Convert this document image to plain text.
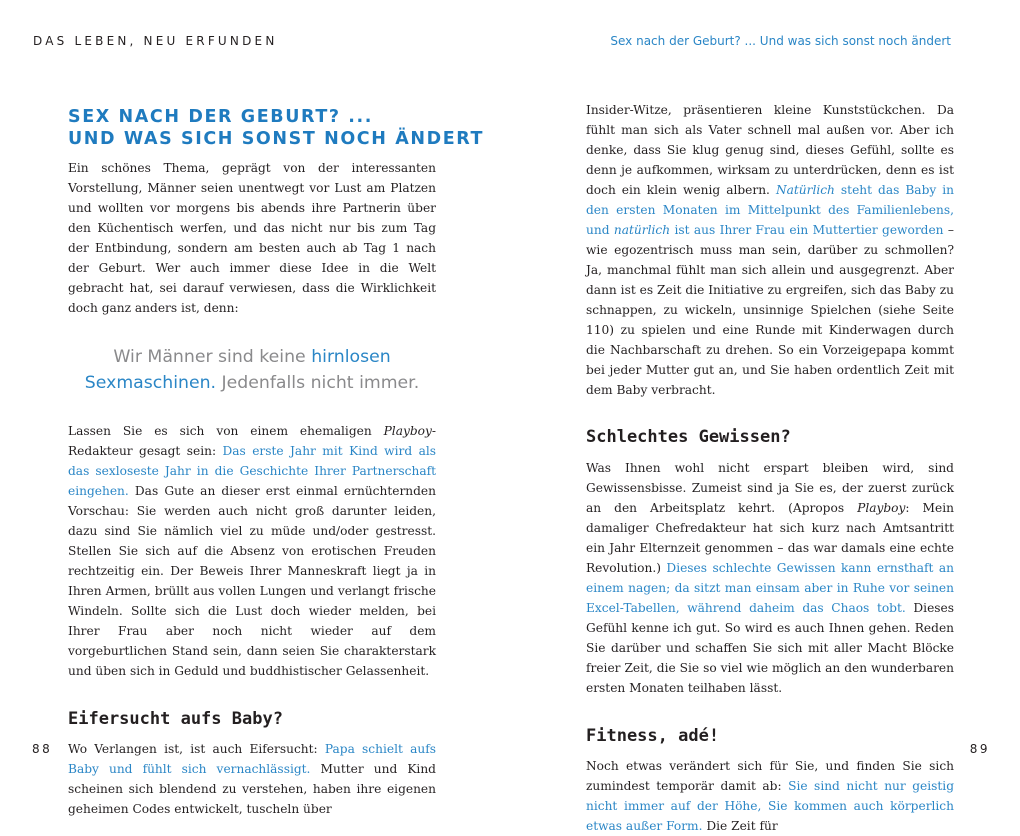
DAS LEBEN, NEU ERFUNDEN	Sex nach der Geburt? ... Und was sich sonst noch ändert
SEX NACH DER GEBURT? ...
UND WAS SICH SONST NOCH ÄNDERT

Ein schönes Thema, geprägt von der interessanten Vorstellung, Männer seien unentwegt vor Lust am Platzen und wollten vor morgens bis abends ihre Partnerin über den Küchentisch werfen, und das nicht nur bis zum Tag der Entbindung, sondern am besten auch ab Tag 1 nach der Geburt. Wer auch immer diese Idee in die Welt gebracht hat, sei darauf verwiesen, dass die Wirklichkeit doch ganz anders ist, denn:

Wir Männer sind keine hirnlosen Sexmaschinen. Jedenfalls nicht immer.

Lassen Sie es sich von einem ehemaligen Playboy-Redakteur gesagt sein: Das erste Jahr mit Kind wird als das sexloseste Jahr in die Geschichte Ihrer Partnerschaft eingehen. Das Gute an dieser erst einmal ernüchternden Vorschau: Sie werden auch nicht groß darunter leiden, dazu sind Sie nämlich viel zu müde und/oder gestresst. Stellen Sie sich auf die Absenz von erotischen Freuden rechtzeitig ein. Der Beweis Ihrer Manneskraft liegt ja in Ihren Armen, brüllt aus vollen Lungen und verlangt frische Windeln. Sollte sich die Lust doch wieder melden, bei Ihrer Frau aber noch nicht wieder auf dem vorgeburtlichen Stand sein, dann seien Sie charakterstark und üben sich in Geduld und buddhistischer Gelassenheit.

Eifersucht aufs Baby?

Wo Verlangen ist, ist auch Eifersucht: Papa schielt aufs Baby und fühlt sich vernachlässigt. Mutter und Kind scheinen sich blendend zu verstehen, haben ihre eigenen geheimen Codes entwickelt, tuscheln über

88

Insider-Witze, präsentieren kleine Kunststückchen. Da fühlt man sich als Vater schnell mal außen vor. Aber ich denke, dass Sie klug genug sind, dieses Gefühl, sollte es denn je aufkommen, wirksam zu unterdrücken, denn es ist doch ein klein wenig albern. Natürlich steht das Baby in den ersten Monaten im Mittelpunkt des Familienlebens, und natürlich ist aus Ihrer Frau ein Muttertier geworden – wie egozentrisch muss man sein, darüber zu schmollen? Ja, manchmal fühlt man sich allein und ausgegrenzt. Aber dann ist es Zeit die Initiative zu ergreifen, sich das Baby zu schnappen, zu wickeln, unsinnige Spielchen (siehe Seite 110) zu spielen und eine Runde mit Kinderwagen durch die Nachbarschaft zu drehen. So ein Vorzeigepapa kommt bei jeder Mutter gut an, und Sie haben ordentlich Zeit mit dem Baby verbracht.

Schlechtes Gewissen?

Was Ihnen wohl nicht erspart bleiben wird, sind Gewissensbisse. Zumeist sind ja Sie es, der zuerst zurück an den Arbeitsplatz kehrt. (Apropos Playboy: Mein damaliger Chefredakteur hat sich kurz nach Amtsantritt ein Jahr Elternzeit genommen – das war damals eine echte Revolution.) Dieses schlechte Gewissen kann ernsthaft an einem nagen; da sitzt man einsam aber in Ruhe vor seinen Excel-Tabellen, während daheim das Chaos tobt. Dieses Gefühl kenne ich gut. So wird es auch Ihnen gehen. Reden Sie darüber und schaffen Sie sich mit aller Macht Blöcke freier Zeit, die Sie so viel wie möglich an den wunderbaren ersten Monaten teilhaben lässt.

Fitness, adé!

Noch etwas verändert sich für Sie, und finden Sie sich zumindest temporär damit ab: Sie sind nicht nur geistig nicht immer auf der Höhe, Sie kommen auch körperlich etwas außer Form. Die Zeit für

89
